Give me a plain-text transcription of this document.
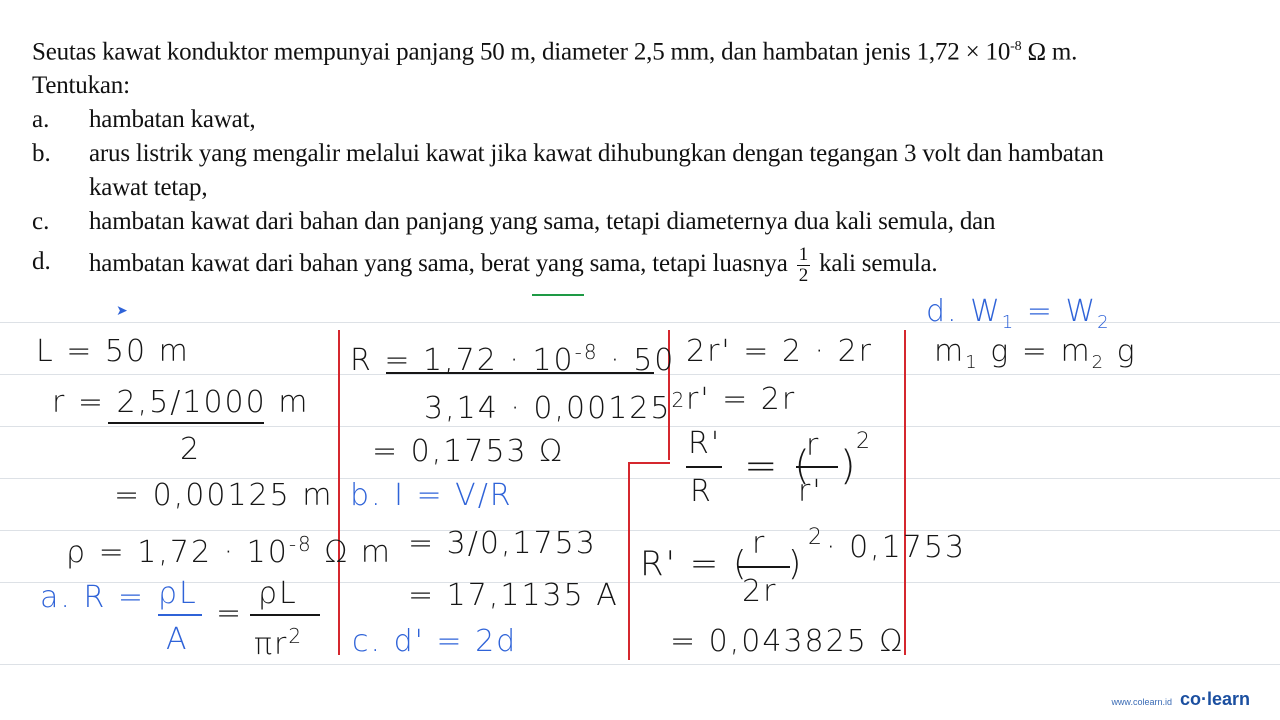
Seutas kawat konduktor mempunyai panjang 50 m, diameter 2,5 mm, dan hambatan jenis $1,72 \times 10^{-8}$ Ω m.
Tentukan:
a.	hambatan kawat,
b.	arus listrik yang mengalir melalui kawat jika kawat dihubungkan dengan tegangan 3 volt dan hambatan
kawat tetap,
c.	hambatan kawat dari bahan dan panjang yang sama, tetapi diameternya dua kali semula, dan
d.	hambatan kawat dari bahan yang sama, berat yang sama, tetapi luasnya $\frac{1}{2}$ kali semula.
➤
L = 50 m
r = 2,5/1000 m
2
= 0,00125 m
$\rho = 1,72 \cdot 10^{-8}$ Ω m
a. R = ρL
A
=
ρL
$\pi r^2$
$R = 1,72 \cdot 10^{-8} \cdot 50$
$3,14 \cdot 0,00125^2$
= 0,1753 Ω
b. I = V/R
= 3/0,1753
= 17,1135 A
c. d' = 2d
2r' = 2 · 2r
r' = 2r
R'
R
= (
r
r'
)
2
R' = (
r
2r
)
2 · 0,1753
= 0,043825 Ω
d. $W_1 = W_2$
$m_1$ $g = m_2$ g
www.colearn.id co·learn
